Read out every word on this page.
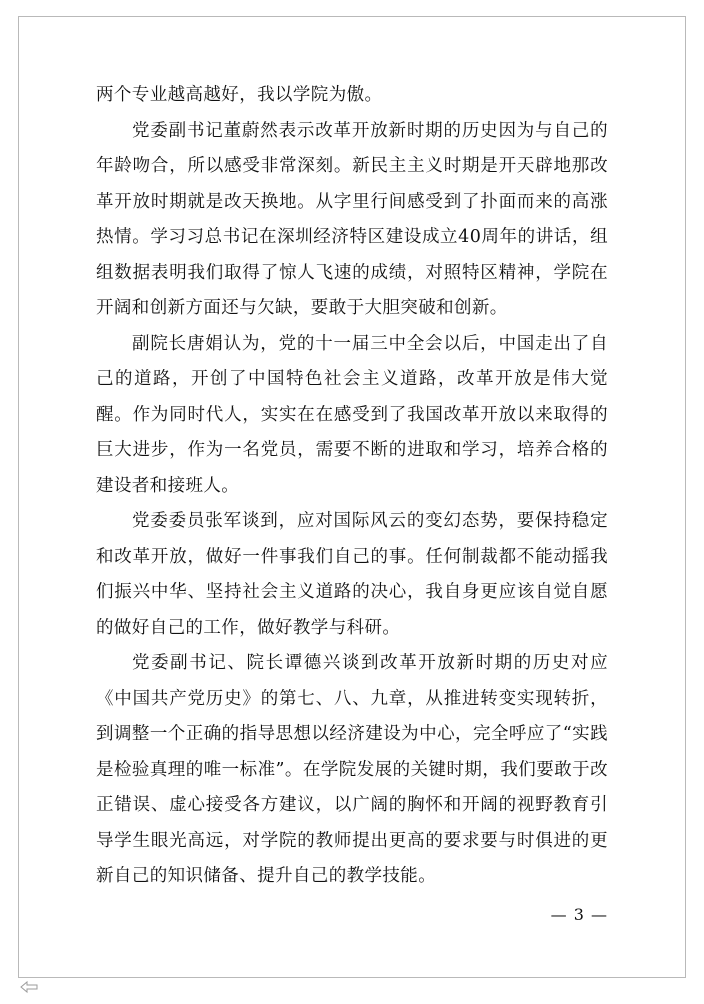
两个专业越高越好，我以学院为傲。

党委副书记董蔚然表示改革开放新时期的历史因为与自己的年龄吻合，所以感受非常深刻。新民主主义时期是开天辟地那改革开放时期就是改天换地。从字里行间感受到了扑面而来的高涨热情。学习习总书记在深圳经济特区建设成立40周年的讲话，组组数据表明我们取得了惊人飞速的成绩，对照特区精神，学院在开阔和创新方面还与欠缺，要敢于大胆突破和创新。

副院长唐娟认为，党的十一届三中全会以后，中国走出了自己的道路，开创了中国特色社会主义道路，改革开放是伟大觉醒。作为同时代人，实实在在感受到了我国改革开放以来取得的巨大进步，作为一名党员，需要不断的进取和学习，培养合格的建设者和接班人。

党委委员张军谈到，应对国际风云的变幻态势，要保持稳定和改革开放，做好一件事我们自己的事。任何制裁都不能动摇我们振兴中华、坚持社会主义道路的决心，我自身更应该自觉自愿的做好自己的工作，做好教学与科研。

党委副书记、院长谭德兴谈到改革开放新时期的历史对应《中国共产党历史》的第七、八、九章，从推进转变实现转折，到调整一个正确的指导思想以经济建设为中心，完全呼应了“实践是检验真理的唯一标准”。在学院发展的关键时期，我们要敢于改正错误、虚心接受各方建议，以广阔的胸怀和开阔的视野教育引导学生眼光高远，对学院的教师提出更高的要求要与时俱进的更新自己的知识储备、提升自己的教学技能。

— 3 —
